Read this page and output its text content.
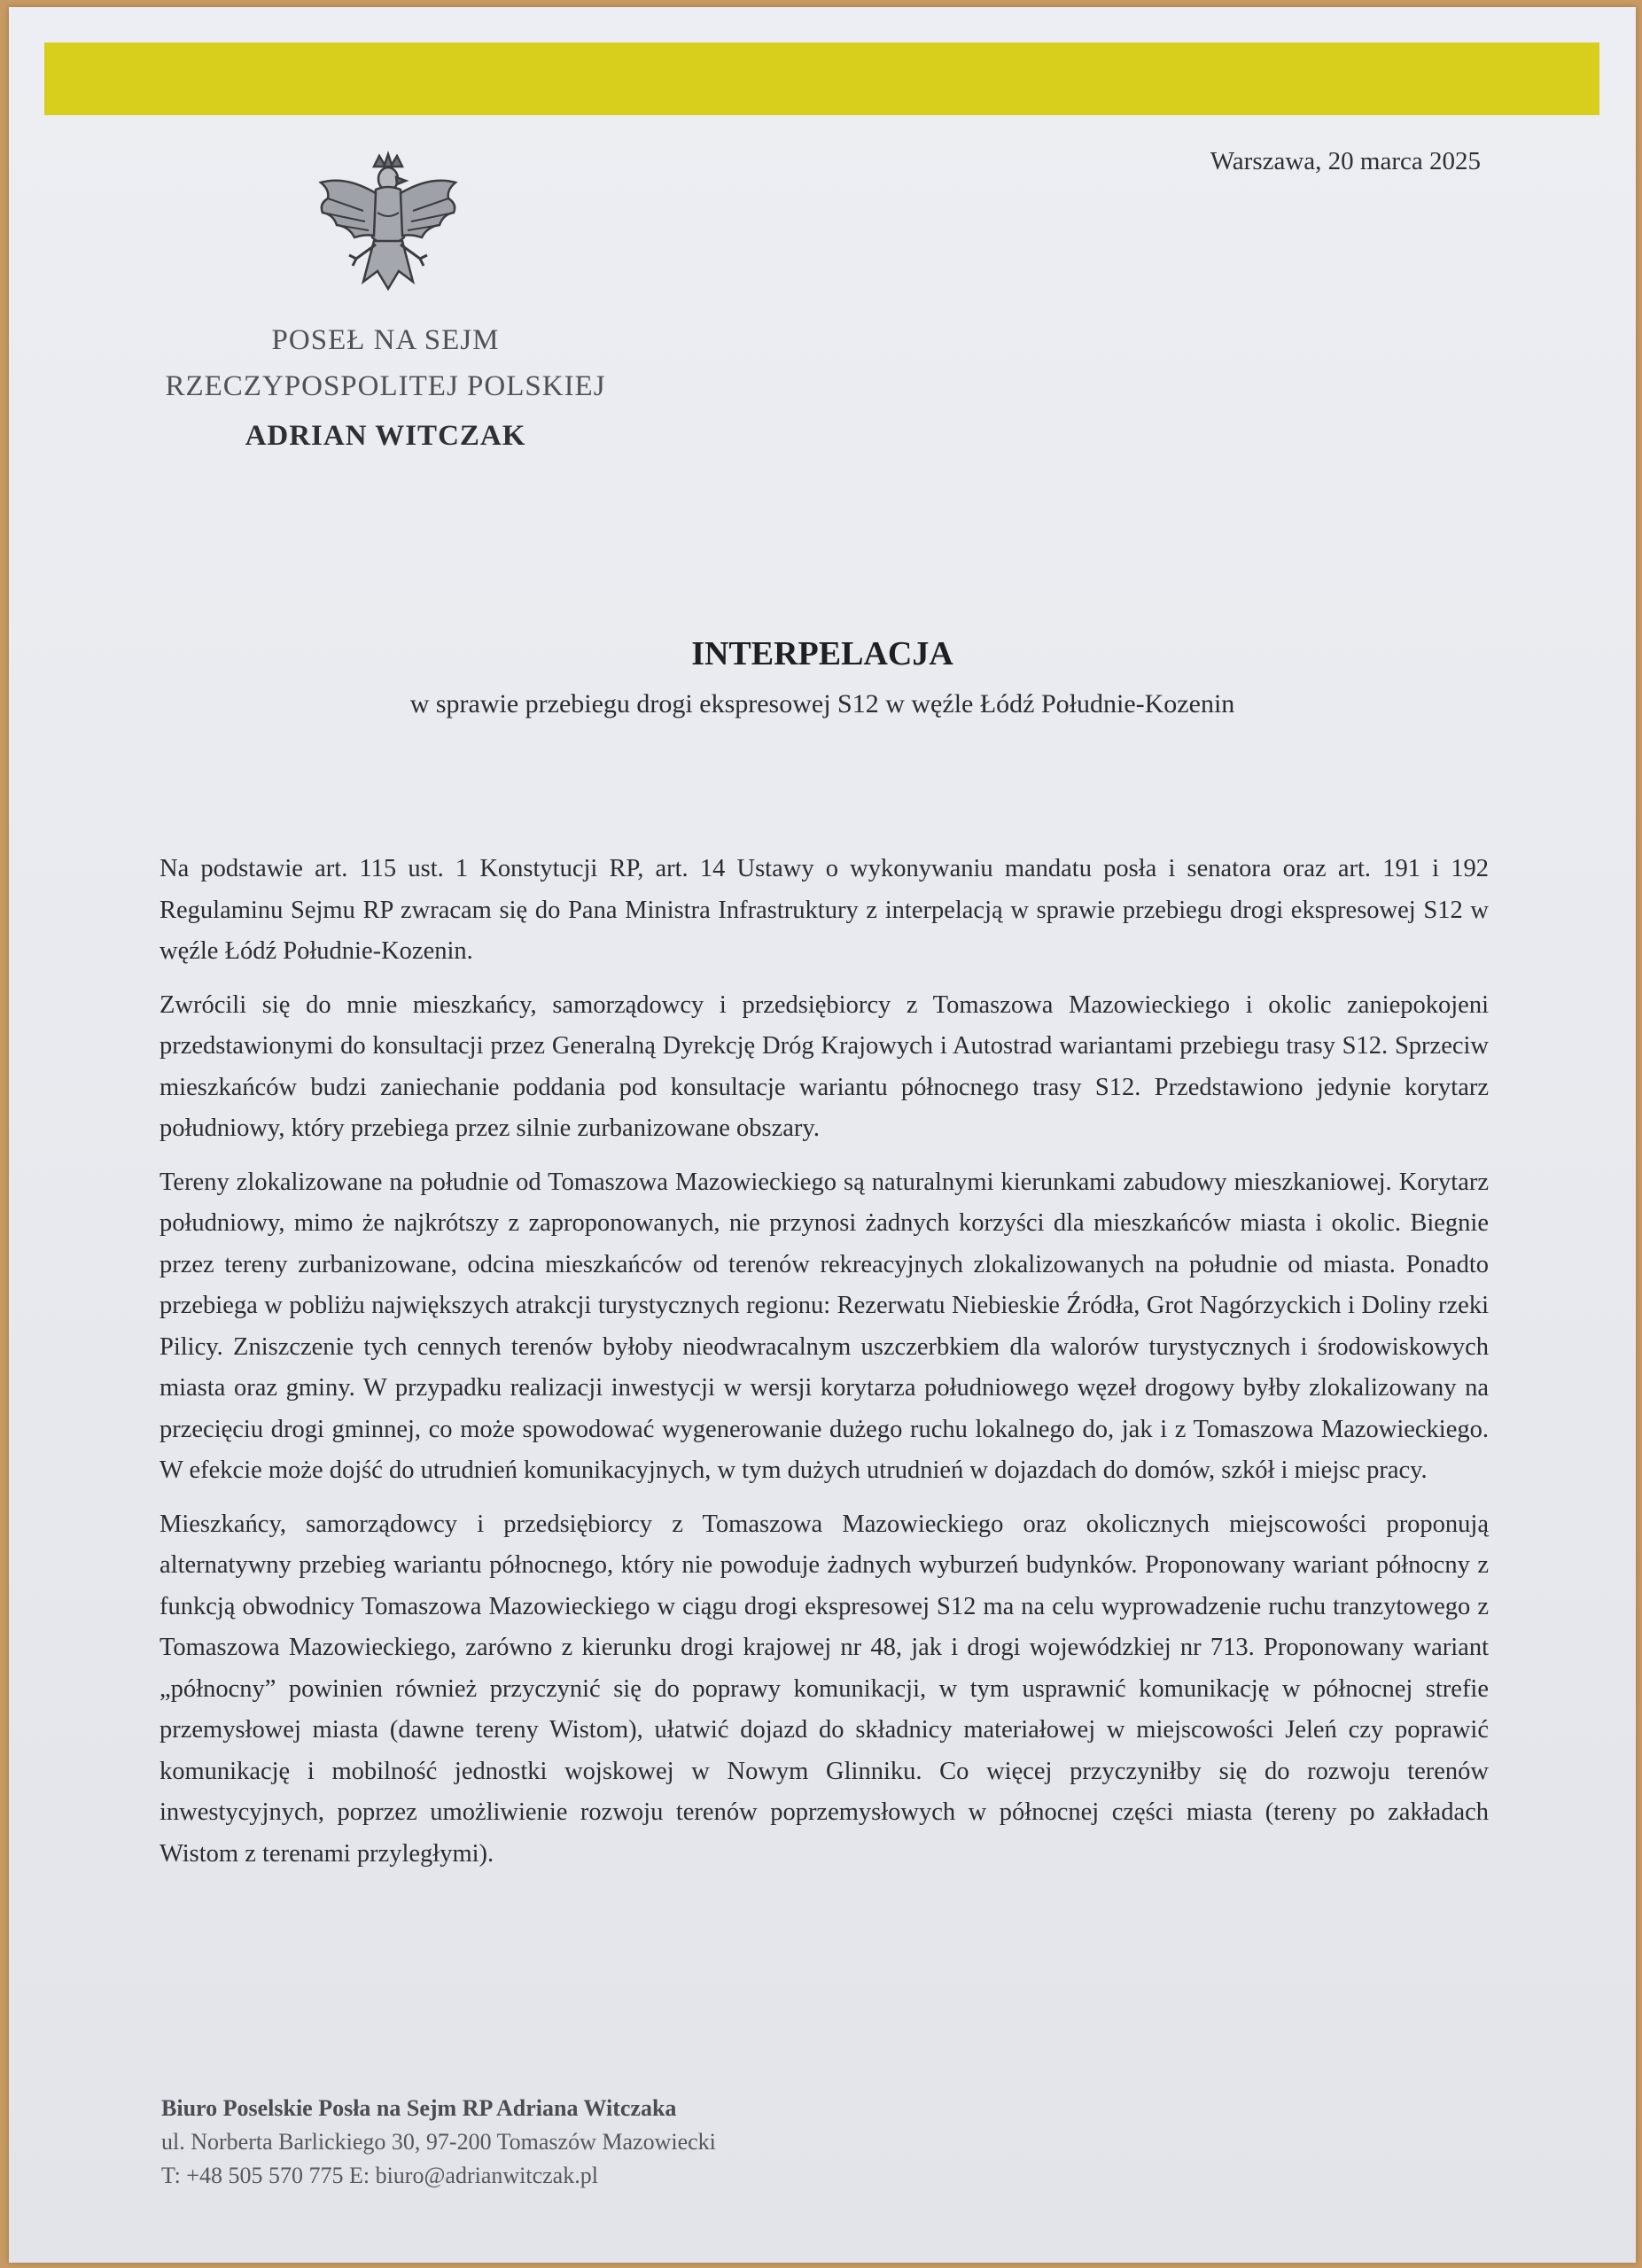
Warszawa, 20 marca 2025
POSEŁ NA SEJM
RZECZYPOSPOLITEJ POLSKIEJ
ADRIAN WITCZAK
INTERPELACJA
w sprawie przebiegu drogi ekspresowej S12 w węźle Łódź Południe-Kozenin

Na podstawie art. 115 ust. 1 Konstytucji RP, art. 14 Ustawy o wykonywaniu mandatu posła i senatora oraz art. 191 i 192 Regulaminu Sejmu RP zwracam się do Pana Ministra Infrastruktury z interpelacją w sprawie przebiegu drogi ekspresowej S12 w węźle Łódź Południe-Kozenin.

Zwrócili się do mnie mieszkańcy, samorządowcy i przedsiębiorcy z Tomaszowa Mazowieckiego i okolic zaniepokojeni przedstawionymi do konsultacji przez Generalną Dyrekcję Dróg Krajowych i Autostrad wariantami przebiegu trasy S12. Sprzeciw mieszkańców budzi zaniechanie poddania pod konsultacje wariantu północnego trasy S12. Przedstawiono jedynie korytarz południowy, który przebiega przez silnie zurbanizowane obszary.

Tereny zlokalizowane na południe od Tomaszowa Mazowieckiego są naturalnymi kierunkami zabudowy mieszkaniowej. Korytarz południowy, mimo że najkrótszy z zaproponowanych, nie przynosi żadnych korzyści dla mieszkańców miasta i okolic. Biegnie przez tereny zurbanizowane, odcina mieszkańców od terenów rekreacyjnych zlokalizowanych na południe od miasta. Ponadto przebiega w pobliżu największych atrakcji turystycznych regionu: Rezerwatu Niebieskie Źródła, Grot Nagórzyckich i Doliny rzeki Pilicy. Zniszczenie tych cennych terenów byłoby nieodwracalnym uszczerbkiem dla walorów turystycznych i środowiskowych miasta oraz gminy. W przypadku realizacji inwestycji w wersji korytarza południowego węzeł drogowy byłby zlokalizowany na przecięciu drogi gminnej, co może spowodować wygenerowanie dużego ruchu lokalnego do, jak i z Tomaszowa Mazowieckiego. W efekcie może dojść do utrudnień komunikacyjnych, w tym dużych utrudnień w dojazdach do domów, szkół i miejsc pracy.

Mieszkańcy, samorządowcy i przedsiębiorcy z Tomaszowa Mazowieckiego oraz okolicznych miejscowości proponują alternatywny przebieg wariantu północnego, który nie powoduje żadnych wyburzeń budynków. Proponowany wariant północny z funkcją obwodnicy Tomaszowa Mazowieckiego w ciągu drogi ekspresowej S12 ma na celu wyprowadzenie ruchu tranzytowego z Tomaszowa Mazowieckiego, zarówno z kierunku drogi krajowej nr 48, jak i drogi wojewódzkiej nr 713. Proponowany wariant „północny” powinien również przyczynić się do poprawy komunikacji, w tym usprawnić komunikację w północnej strefie przemysłowej miasta (dawne tereny Wistom), ułatwić dojazd do składnicy materiałowej w miejscowości Jeleń czy poprawić komunikację i mobilność jednostki wojskowej w Nowym Glinniku. Co więcej przyczyniłby się do rozwoju terenów inwestycyjnych, poprzez umożliwienie rozwoju terenów poprzemysłowych w północnej części miasta (tereny po zakładach Wistom z terenami przyległymi).

Biuro Poselskie Posła na Sejm RP Adriana Witczaka
ul. Norberta Barlickiego 30, 97-200 Tomaszów Mazowiecki
T: +48 505 570 775 E: biuro@adrianwitczak.pl
